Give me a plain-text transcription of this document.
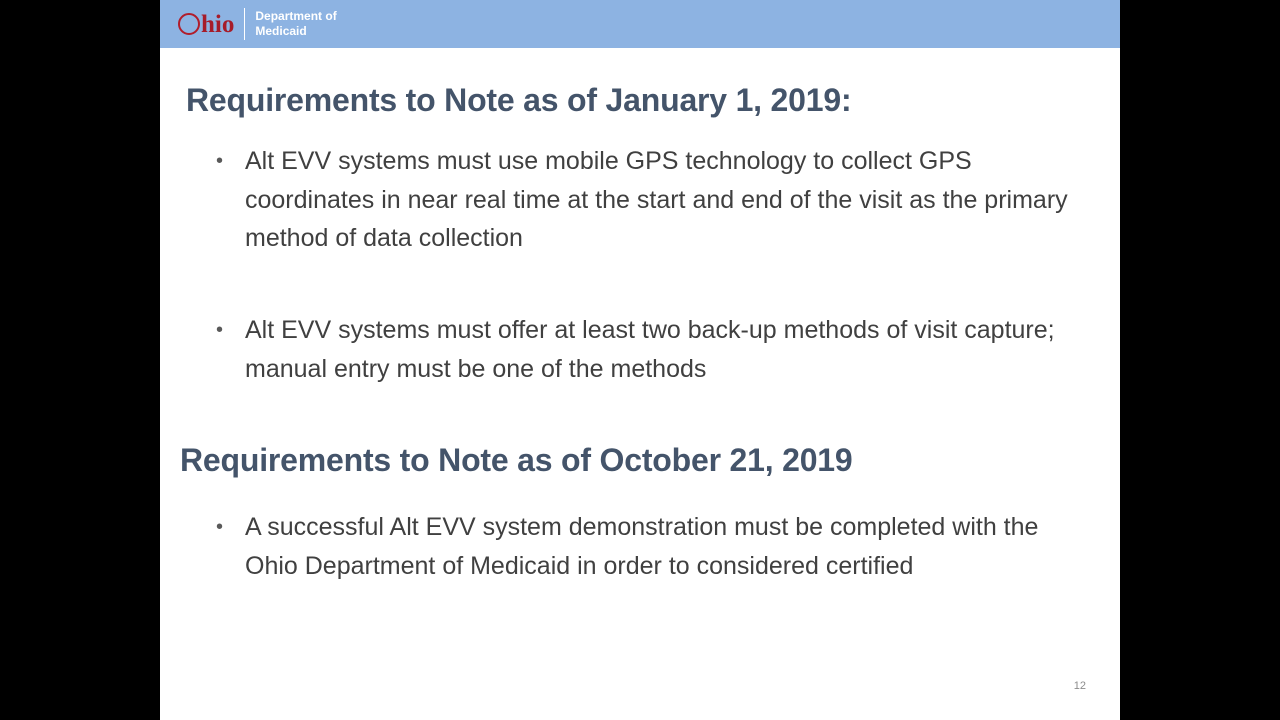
hio Department of
Medicaid
Requirements to Note as of January 1, 2019:
• Alt EVV systems must use mobile GPS technology to collect GPS coordinates in near real time at the start and end of the visit as the primary method of data collection
• Alt EVV systems must offer at least two back-up methods of visit capture; manual entry must be one of the methods
Requirements to Note as of October 21, 2019
• A successful Alt EVV system demonstration must be completed with the Ohio Department of Medicaid in order to considered certified
12
